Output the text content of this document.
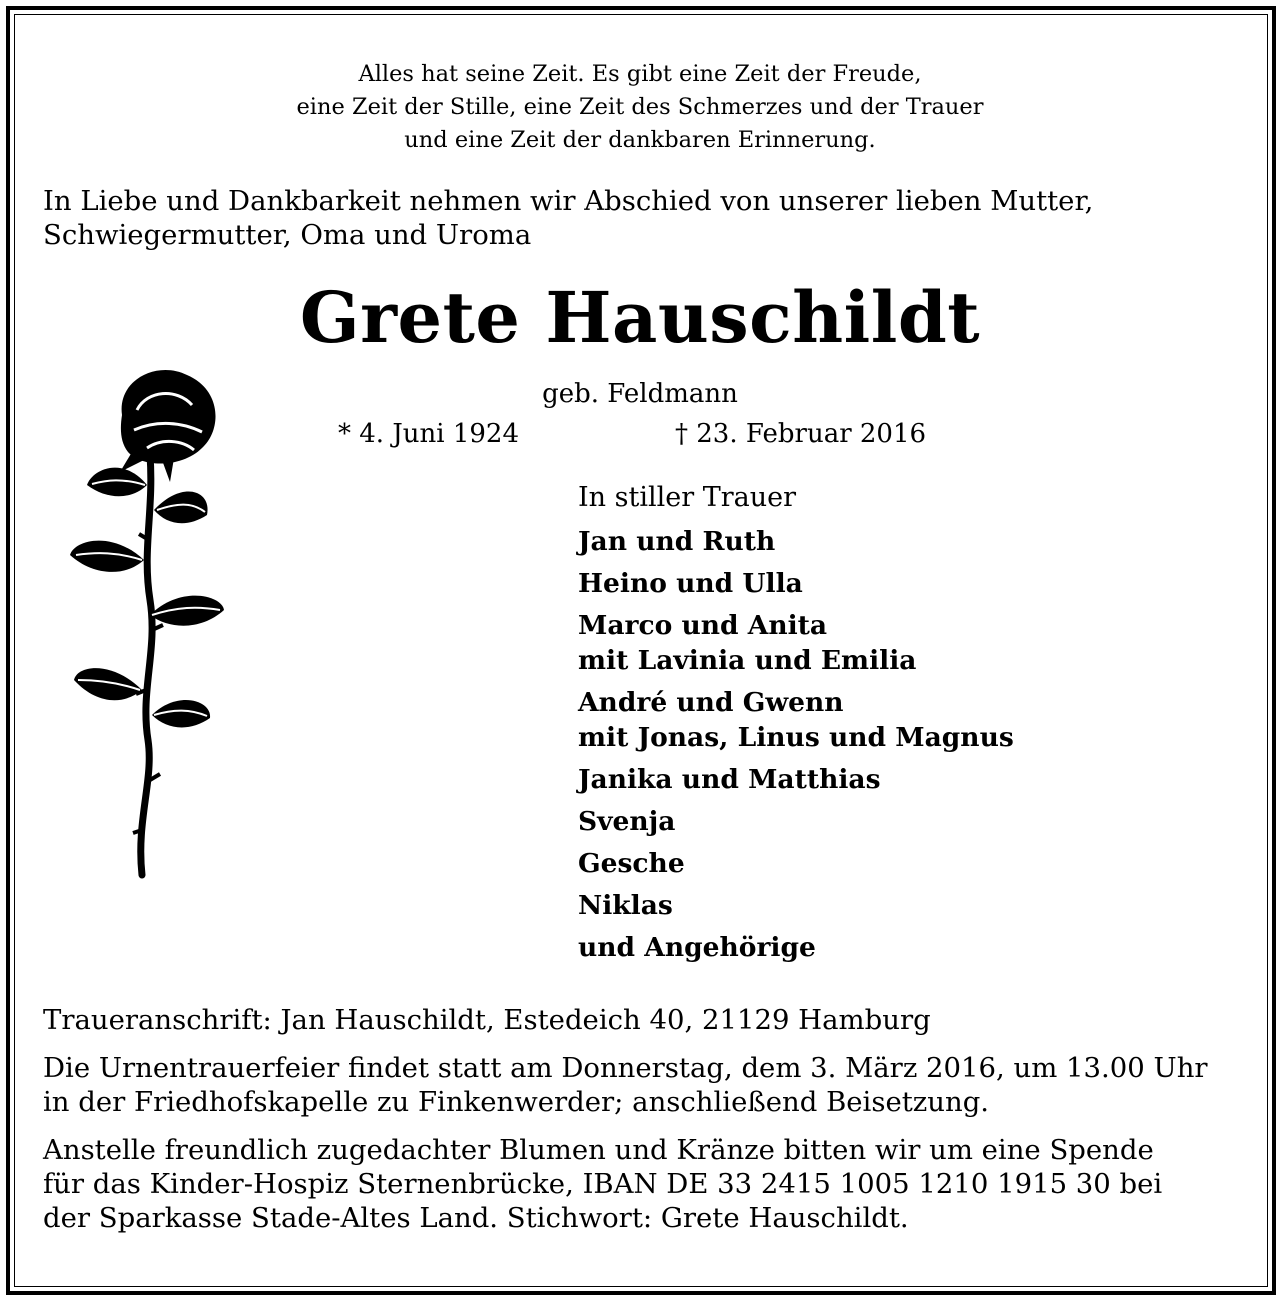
Alles hat seine Zeit. Es gibt eine Zeit der Freude,
eine Zeit der Stille, eine Zeit des Schmerzes und der Trauer
und eine Zeit der dankbaren Erinnerung.
In Liebe und Dankbarkeit nehmen wir Abschied von unserer lieben Mutter,
Schwiegermutter, Oma und Uroma
Grete Hauschildt
geb. Feldmann
* 4. Juni 1924	† 23. Februar 2016
In stiller Trauer
Jan und Ruth
Heino und Ulla
Marco und Anita
mit Lavinia und Emilia
André und Gwenn
mit Jonas, Linus und Magnus
Janika und Matthias
Svenja
Gesche
Niklas
und Angehörige

Traueranschrift: Jan Hauschildt, Estedeich 40, 21129 Hamburg

Die Urnentrauerfeier findet statt am Donnerstag, dem 3. März 2016, um 13.00 Uhr
in der Friedhofskapelle zu Finkenwerder; anschließend Beisetzung.

Anstelle freundlich zugedachter Blumen und Kränze bitten wir um eine Spende
für das Kinder-Hospiz Sternenbrücke, IBAN DE 33 2415 1005 1210 1915 30 bei
der Sparkasse Stade-Altes Land. Stichwort: Grete Hauschildt.
